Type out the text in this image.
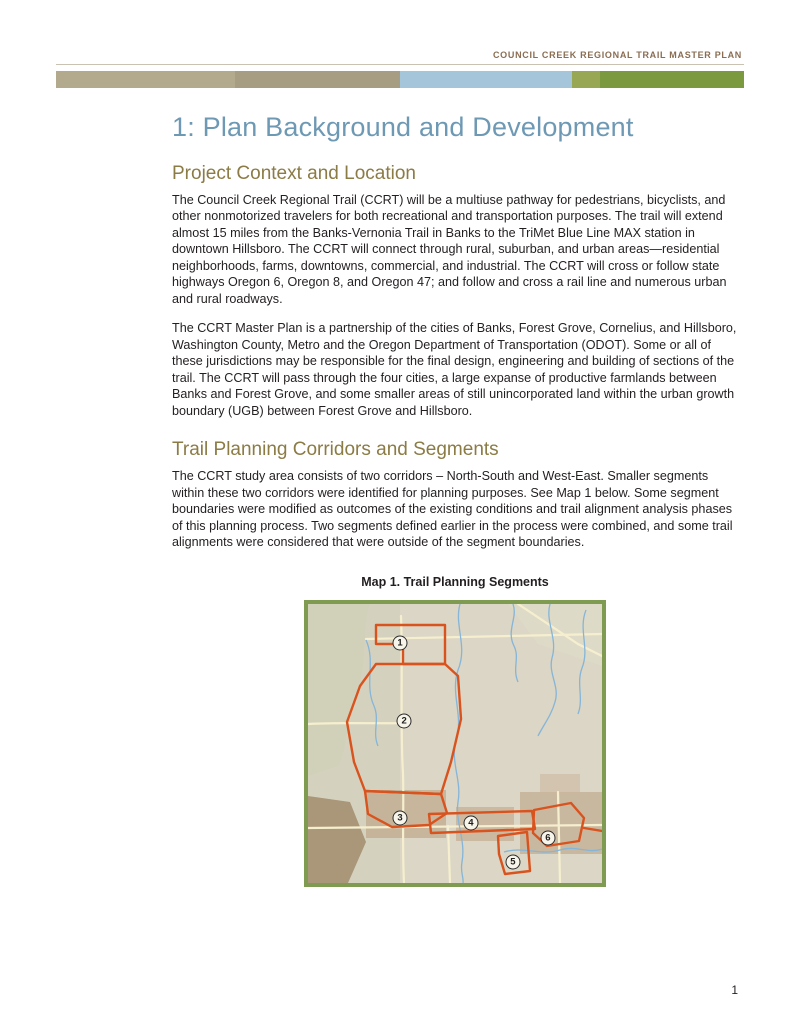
COUNCIL CREEK REGIONAL TRAIL MASTER PLAN
1: Plan Background and Development
Project Context and Location

The Council Creek Regional Trail (CCRT) will be a multiuse pathway for pedestrians, bicyclists, and other nonmotorized travelers for both recreational and transportation purposes. The trail will extend almost 15 miles from the Banks-Vernonia Trail in Banks to the TriMet Blue Line MAX station in downtown Hillsboro. The CCRT will connect through rural, suburban, and urban areas—residential neighborhoods, farms, downtowns, commercial, and industrial. The CCRT will cross or follow state highways Oregon 6, Oregon 8, and Oregon 47; and follow and cross a rail line and numerous urban and rural roadways.

The CCRT Master Plan is a partnership of the cities of Banks, Forest Grove, Cornelius, and Hillsboro, Washington County, Metro and the Oregon Department of Transportation (ODOT). Some or all of these jurisdictions may be responsible for the final design, engineering and building of sections of the trail. The CCRT will pass through the four cities, a large expanse of productive farmlands between Banks and Forest Grove, and some smaller areas of still unincorporated land within the urban growth boundary (UGB) between Forest Grove and Hillsboro.

Trail Planning Corridors and Segments

The CCRT study area consists of two corridors – North-South and West-East. Smaller segments within these two corridors were identified for planning purposes. See Map 1 below. Some segment boundaries were modified as outcomes of the existing conditions and trail alignment analysis phases of this planning process. Two segments defined earlier in the process were combined, and some trail alignments were considered that were outside of the segment boundaries.

Map 1. Trail Planning Segments
1
2
3	4
5
6
1
